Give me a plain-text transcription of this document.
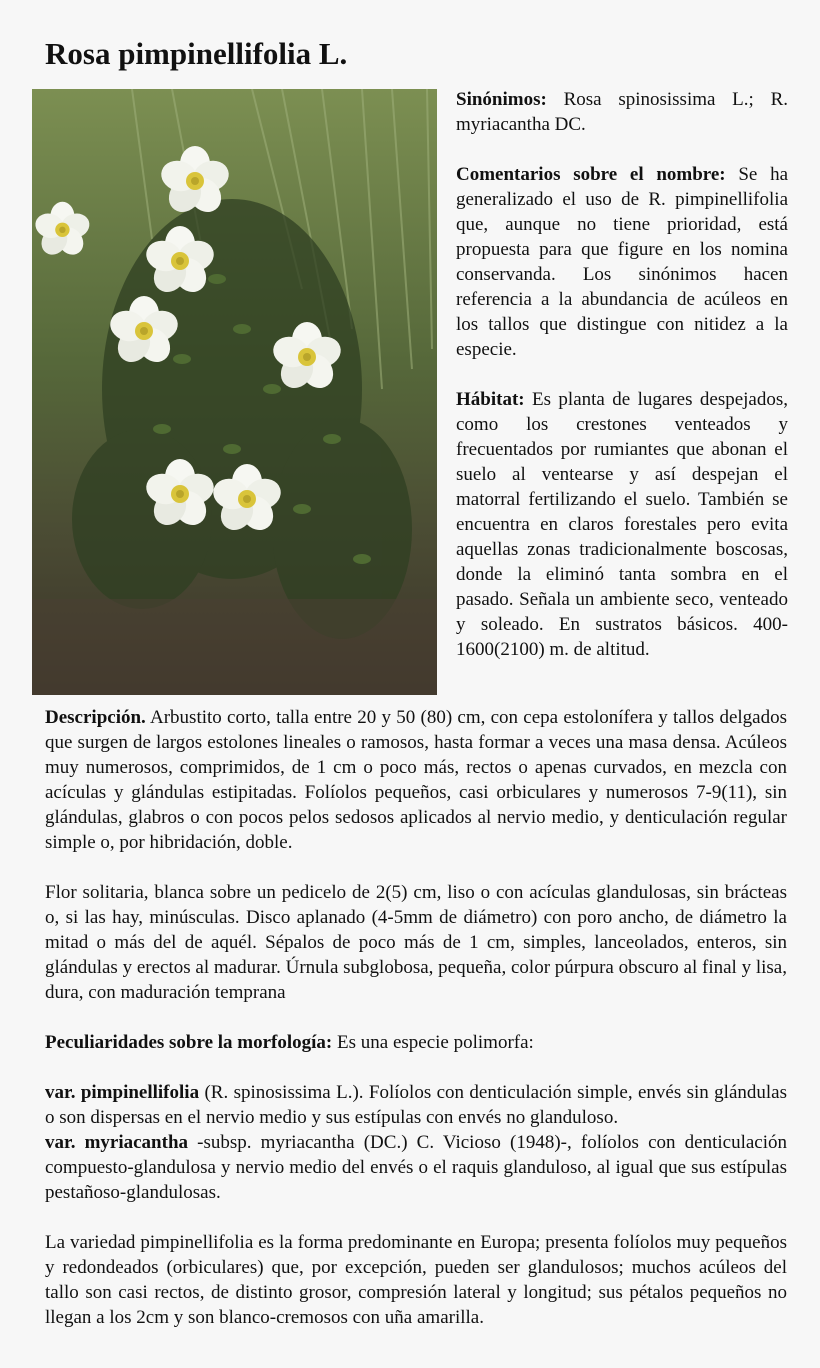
Rosa pimpinellifolia L.

Sinónimos: Rosa spinosissima L.; R. myriacantha DC.

Comentarios sobre el nombre: Se ha generalizado el uso de R. pimpinellifolia que, aunque no tiene prioridad, está propuesta para que figure en los nomina conservanda. Los sinónimos hacen referencia a la abundancia de acúleos en los tallos que distingue con nitidez a la especie.

Hábitat: Es planta de lugares despejados, como los crestones venteados y frecuentados por rumiantes que abonan el suelo al ventearse y así despejan el matorral fertilizando el suelo. También se encuentra en claros forestales pero evita aquellas zonas tradicionalmente boscosas, donde la eliminó tanta sombra en el pasado. Señala un ambiente seco, venteado y soleado. En sustratos básicos. 400-1600(2100) m. de altitud.

Descripción. Arbustito corto, talla entre 20 y 50 (80) cm, con cepa estolonífera y tallos delgados que surgen de largos estolones lineales o ramosos, hasta formar a veces una masa densa. Acúleos muy numerosos, comprimidos, de 1 cm o poco más, rectos o apenas curvados, en mezcla con acículas y glándulas estipitadas. Folíolos pequeños, casi orbiculares y numerosos 7-9(11), sin glándulas, glabros o con pocos pelos sedosos aplicados al nervio medio, y denticulación regular simple o, por hibridación, doble.

Flor solitaria, blanca sobre un pedicelo de 2(5) cm, liso o con acículas glandulosas, sin brácteas o, si las hay, minúsculas. Disco aplanado (4-5mm de diámetro) con poro ancho, de diámetro la mitad o más del de aquél. Sépalos de poco más de 1 cm, simples, lanceolados, enteros, sin glándulas y erectos al madurar. Úrnula subglobosa, pequeña, color púrpura obscuro al final y lisa, dura, con maduración temprana

Peculiaridades sobre la morfología: Es una especie polimorfa:

var. pimpinellifolia (R. spinosissima L.). Folíolos con denticulación simple, envés sin glándulas o son dispersas en el nervio medio y sus estípulas con envés no glanduloso.

var. myriacantha -subsp. myriacantha (DC.) C. Vicioso (1948)-, folíolos con denticulación compuesto-glandulosa y nervio medio del envés o el raquis glanduloso, al igual que sus estípulas pestañoso-glandulosas.

La variedad pimpinellifolia es la forma predominante en Europa; presenta folíolos muy pequeños y redondeados (orbiculares) que, por excepción, pueden ser glandulosos; muchos acúleos del tallo son casi rectos, de distinto grosor, compresión lateral y longitud; sus pétalos pequeños no llegan a los 2cm y son blanco-cremosos con uña amarilla.
